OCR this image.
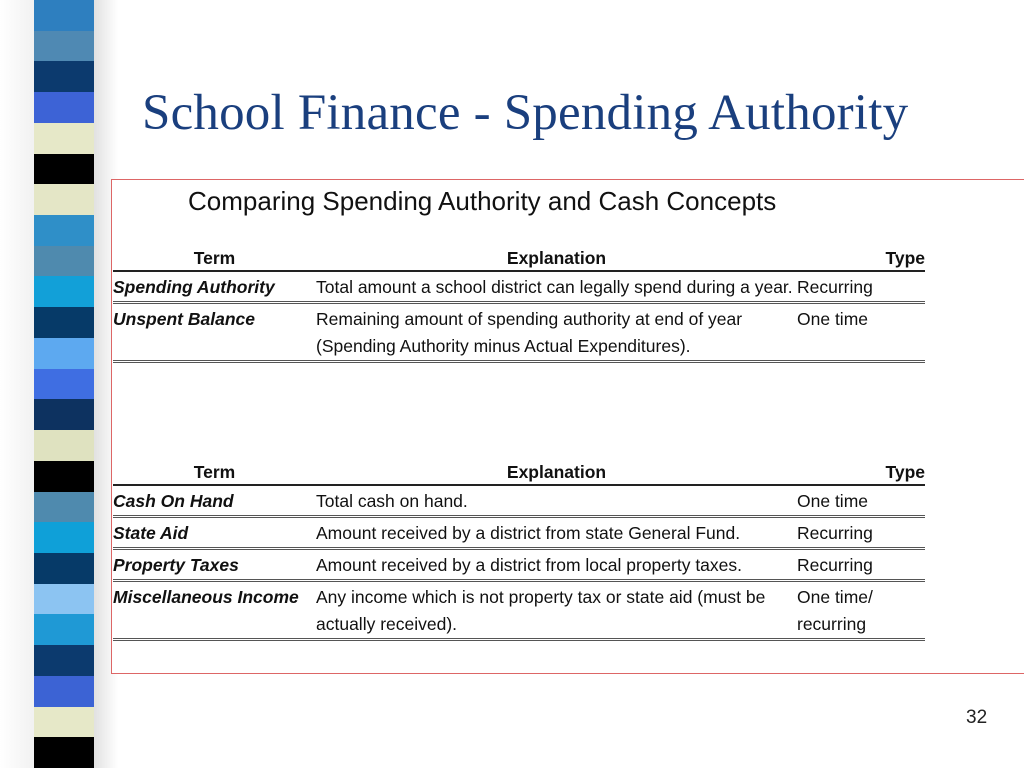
School Finance - Spending Authority
Comparing Spending Authority and Cash Concepts
Term	Explanation	Type
Spending Authority	Total amount a school district can legally spend during a year.	Recurring
Unspent Balance	Remaining amount of spending authority at end of year (Spending Authority minus Actual Expenditures).	One time
Term	Explanation	Type
Cash On Hand	Total cash on hand.	One time
State Aid	Amount received by a district from state General Fund.	Recurring
Property Taxes	Amount received by a district from local property taxes.	Recurring
Miscellaneous Income	Any income which is not property tax or state aid (must be actually received).	One time/ recurring
32
